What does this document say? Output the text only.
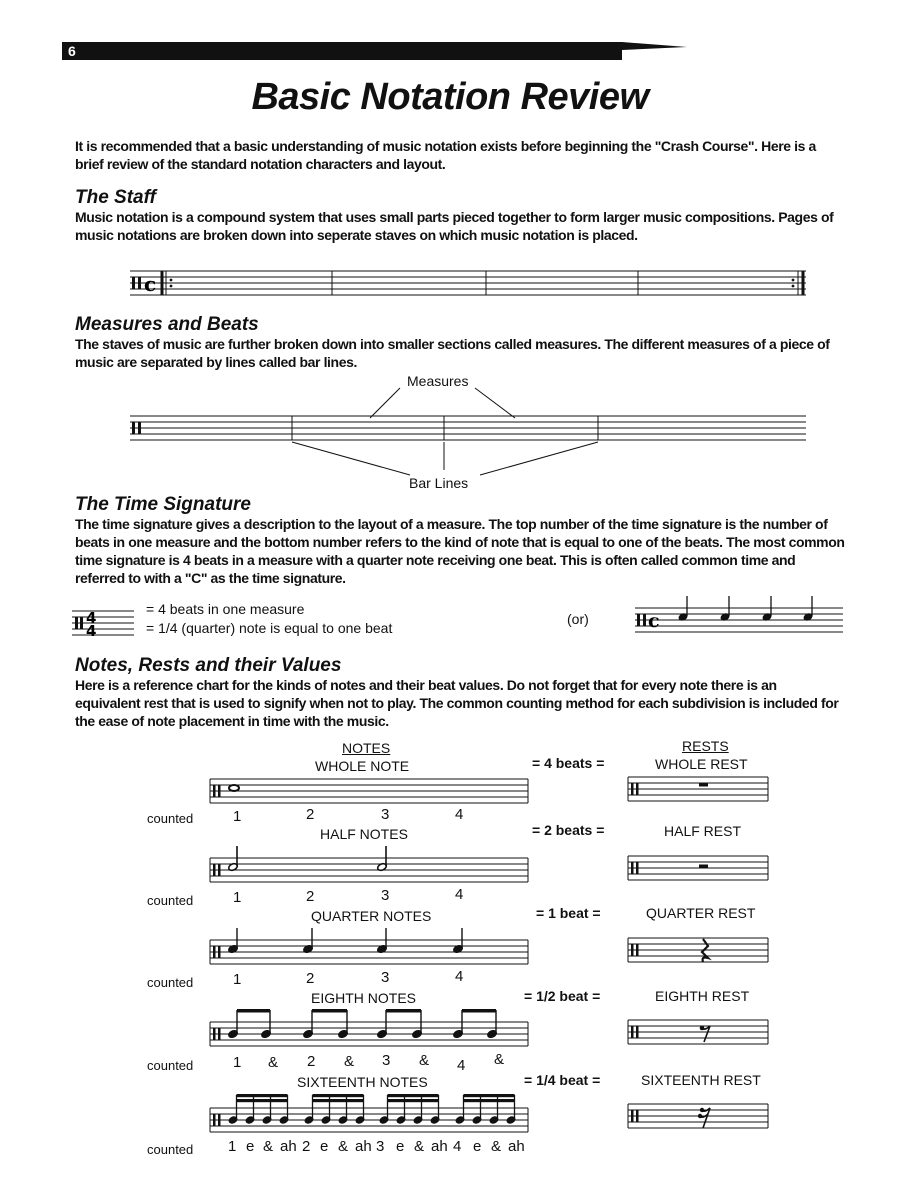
6
Basic Notation Review
It is recommended that a basic understanding of music notation exists before beginning the "Crash Course". Here is a brief review of the standard notation characters and layout.
The Staff
Music notation is a compound system that uses small parts pieced together to form larger music compositions. Pages of music notations are broken down into seperate staves on which music notation is placed.
c
Measures and Beats
The staves of music are further broken down into smaller sections called measures. The different measures of a piece of music are separated by lines called bar lines.
Measures
Bar Lines
The Time Signature
The time signature gives a description to the layout of a measure. The top number of the time signature is the number of beats in one measure and the bottom number refers to the kind of note that is equal to one of the beats. The most common time signature is 4 beats in a measure with a quarter note receiving one beat. This is often called common time and referred to with a "C" as the time signature.
4
4
= 4 beats in one measure
= 1/4 (quarter) note is equal to one beat
(or)	c
Notes, Rests and their Values
Here is a reference chart for the kinds of notes and their beat values. Do not forget that for every note there is an equivalent rest that is used to signify when not to play. The common counting method for each subdivision is included for the ease of note placement in time with the music.
NOTES	RESTS
WHOLE NOTE	= 4 beats =	WHOLE REST
counted	1	2	3	4
HALF NOTES	= 2 beats =	HALF REST
counted	1	2	3	4
QUARTER NOTES	= 1 beat =	QUARTER REST
counted	1	2	3	4
EIGHTH NOTES	= 1/2 beat =	EIGHTH REST
counted	1 & 2 & 3 & 4 &
SIXTEENTH NOTES	= 1/4 beat =	SIXTEENTH REST
counted 1 e & ah 2 e & ah 3 e & ah 4 e & ah
